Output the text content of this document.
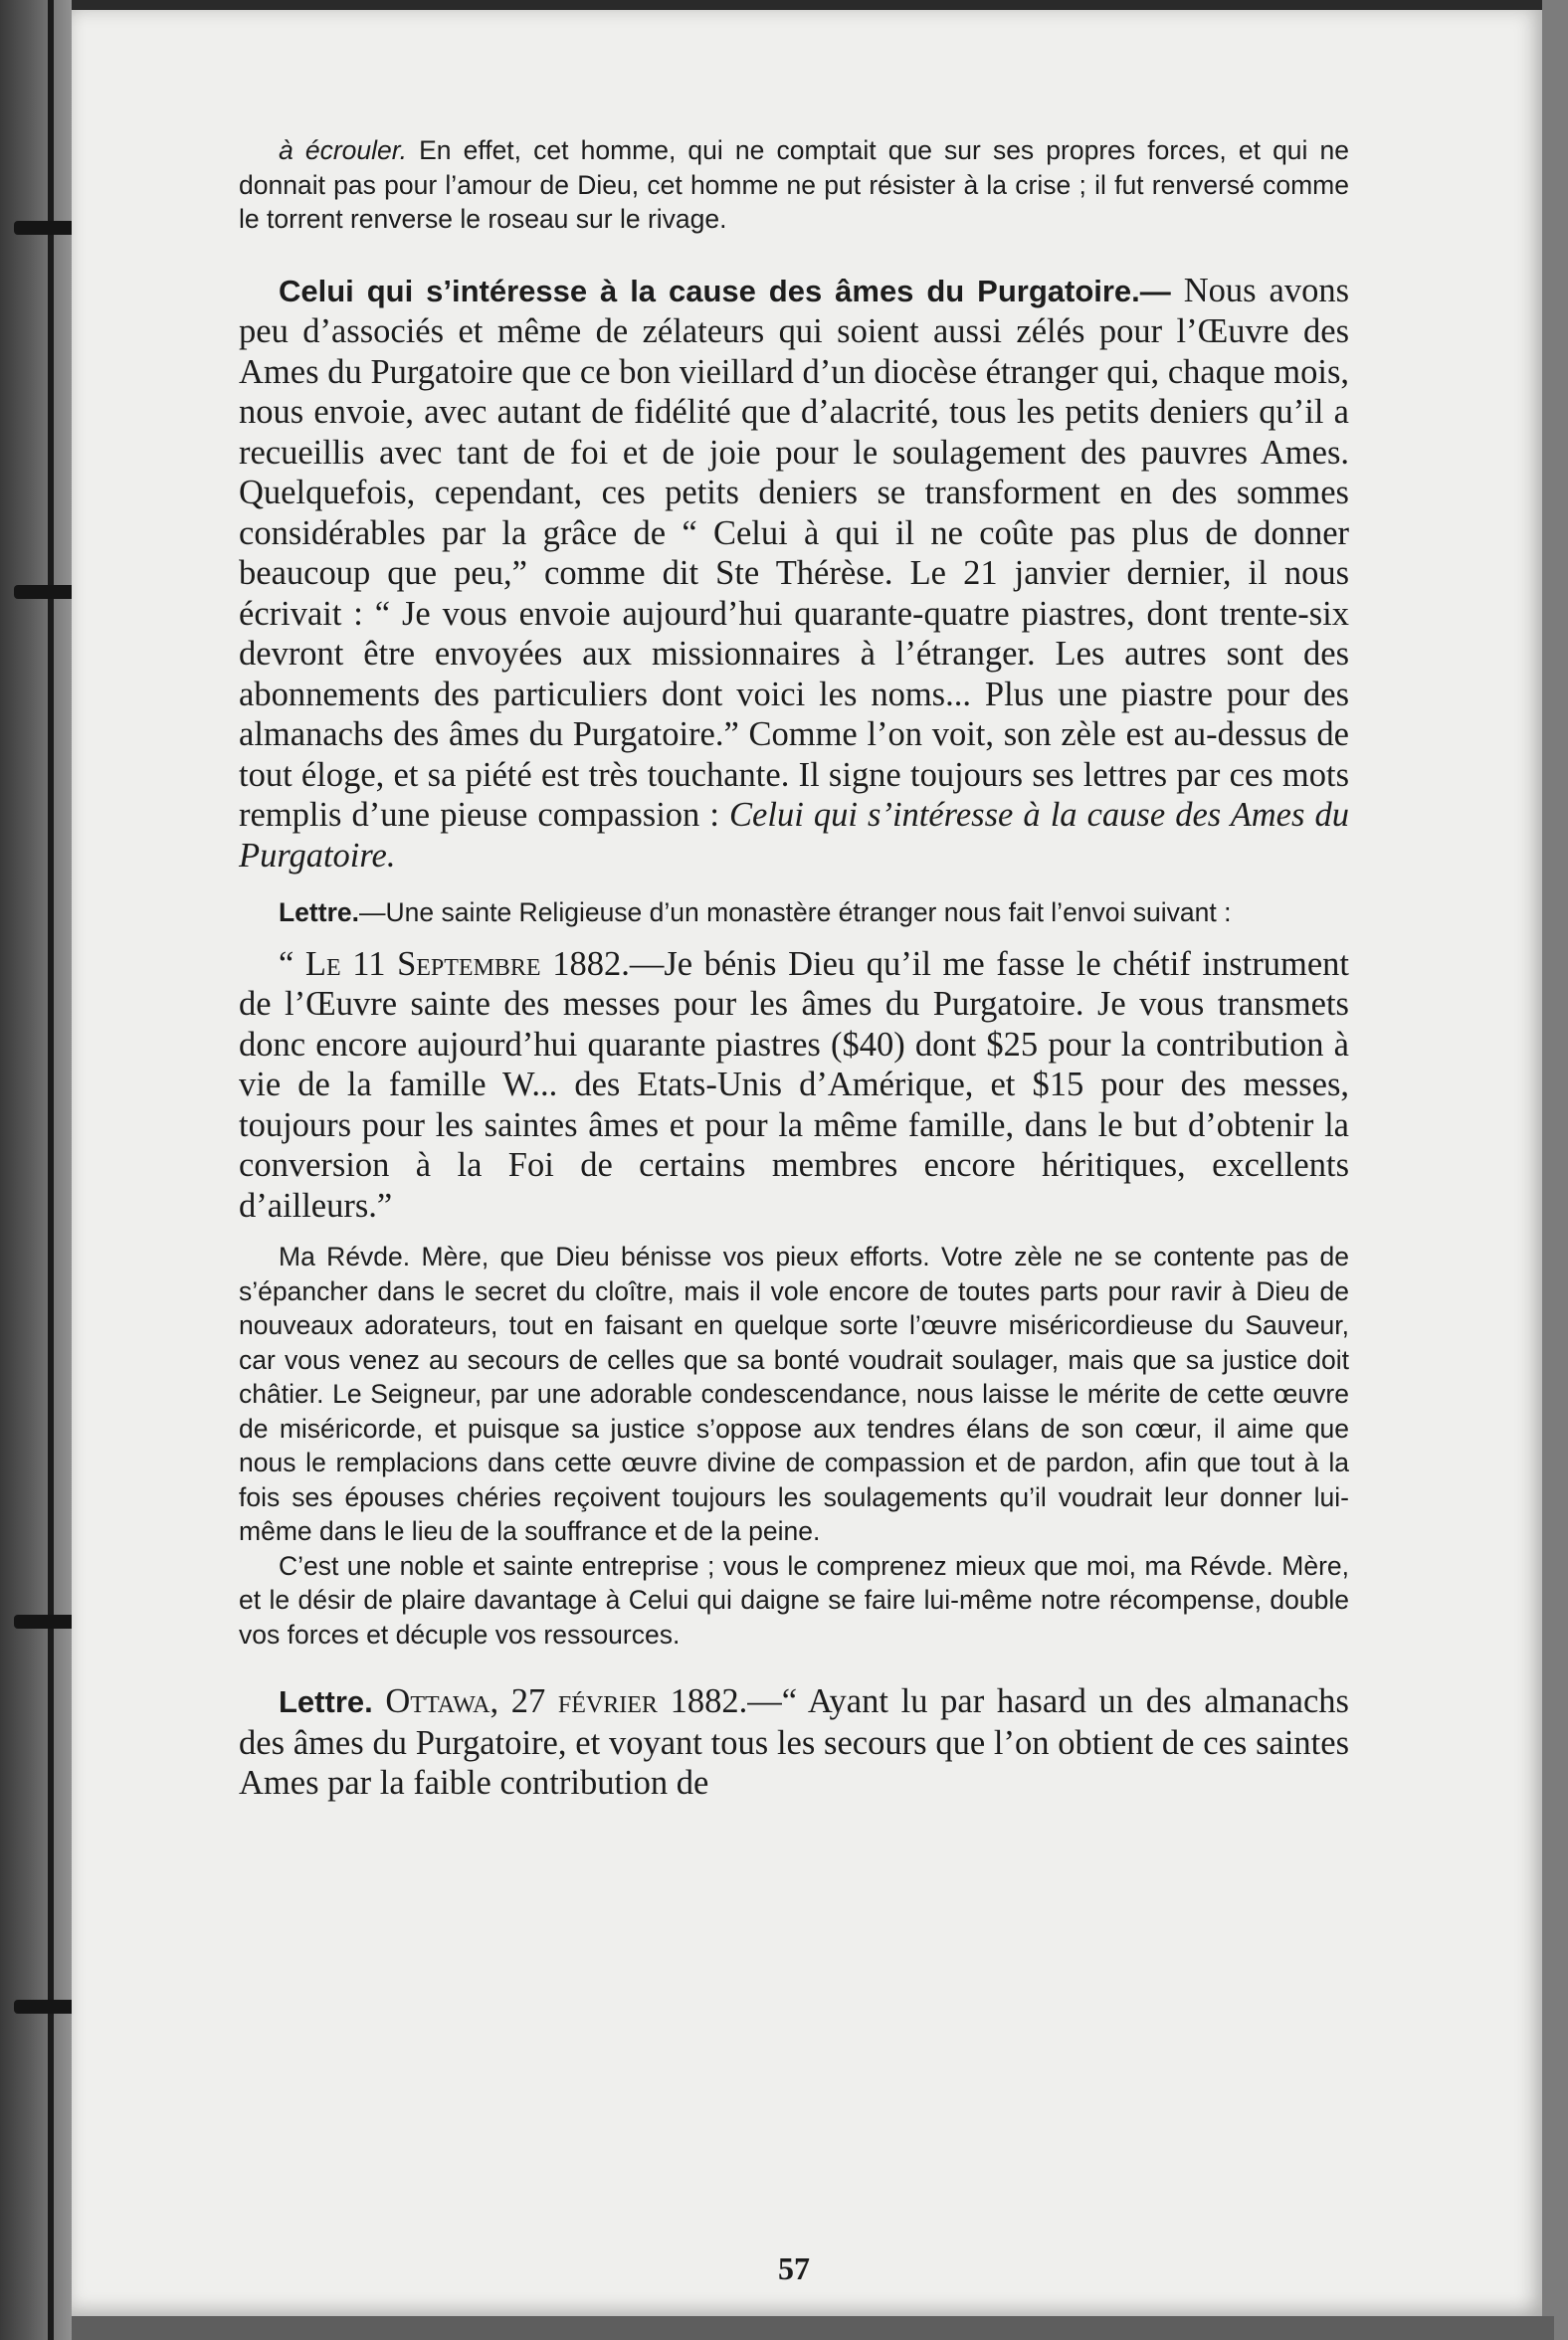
à écrouler. En effet, cet homme, qui ne comptait que sur ses propres forces, et qui ne donnait pas pour l’amour de Dieu, cet homme ne put résister à la crise ; il fut renversé comme le torrent renverse le roseau sur le rivage.

Celui qui s’intéresse à la cause des âmes du Purgatoire.— Nous avons peu d’associés et même de zélateurs qui soient aussi zélés pour l’Œuvre des Ames du Purgatoire que ce bon vieillard d’un diocèse étranger qui, chaque mois, nous envoie, avec autant de fidélité que d’alacrité, tous les petits deniers qu’il a recueillis avec tant de foi et de joie pour le soulagement des pauvres Ames. Quelquefois, cependant, ces petits deniers se transforment en des sommes considérables par la grâce de “ Celui à qui il ne coûte pas plus de donner beaucoup que peu,” comme dit Ste Thérèse. Le 21 janvier dernier, il nous écrivait : “ Je vous envoie aujourd’hui quarante-quatre piastres, dont trente-six devront être envoyées aux missionnaires à l’étranger. Les autres sont des abonnements des particuliers dont voici les noms... Plus une piastre pour des almanachs des âmes du Purgatoire.” Comme l’on voit, son zèle est au-dessus de tout éloge, et sa piété est très touchante. Il signe toujours ses lettres par ces mots remplis d’une pieuse compassion : Celui qui s’intéresse à la cause des Ames du Purgatoire.

Lettre.—Une sainte Religieuse d’un monastère étranger nous fait l’envoi suivant :

“ Le 11 Septembre 1882.—Je bénis Dieu qu’il me fasse le chétif instrument de l’Œuvre sainte des messes pour les âmes du Purgatoire. Je vous transmets donc encore aujourd’hui quarante piastres ($40) dont $25 pour la contribution à vie de la famille W... des Etats-Unis d’Amérique, et $15 pour des messes, toujours pour les saintes âmes et pour la même famille, dans le but d’obtenir la conversion à la Foi de certains membres encore héritiques, excellents d’ailleurs.”

Ma Révde. Mère, que Dieu bénisse vos pieux efforts. Votre zèle ne se contente pas de s’épancher dans le secret du cloître, mais il vole encore de toutes parts pour ravir à Dieu de nouveaux adorateurs, tout en faisant en quelque sorte l’œuvre miséricordieuse du Sauveur, car vous venez au secours de celles que sa bonté voudrait soulager, mais que sa justice doit châtier. Le Seigneur, par une adorable condescendance, nous laisse le mérite de cette œuvre de miséricorde, et puisque sa justice s’oppose aux tendres élans de son cœur, il aime que nous le remplacions dans cette œuvre divine de compassion et de pardon, afin que tout à la fois ses épouses chéries reçoivent toujours les soulagements qu’il voudrait leur donner lui-même dans le lieu de la souffrance et de la peine.

C’est une noble et sainte entreprise ; vous le comprenez mieux que moi, ma Révde. Mère, et le désir de plaire davantage à Celui qui daigne se faire lui-même notre récompense, double vos forces et décuple vos ressources.

Lettre. Ottawa, 27 février 1882.—“ Ayant lu par hasard un des almanachs des âmes du Purgatoire, et voyant tous les secours que l’on obtient de ces saintes Ames par la faible contribution de

57
